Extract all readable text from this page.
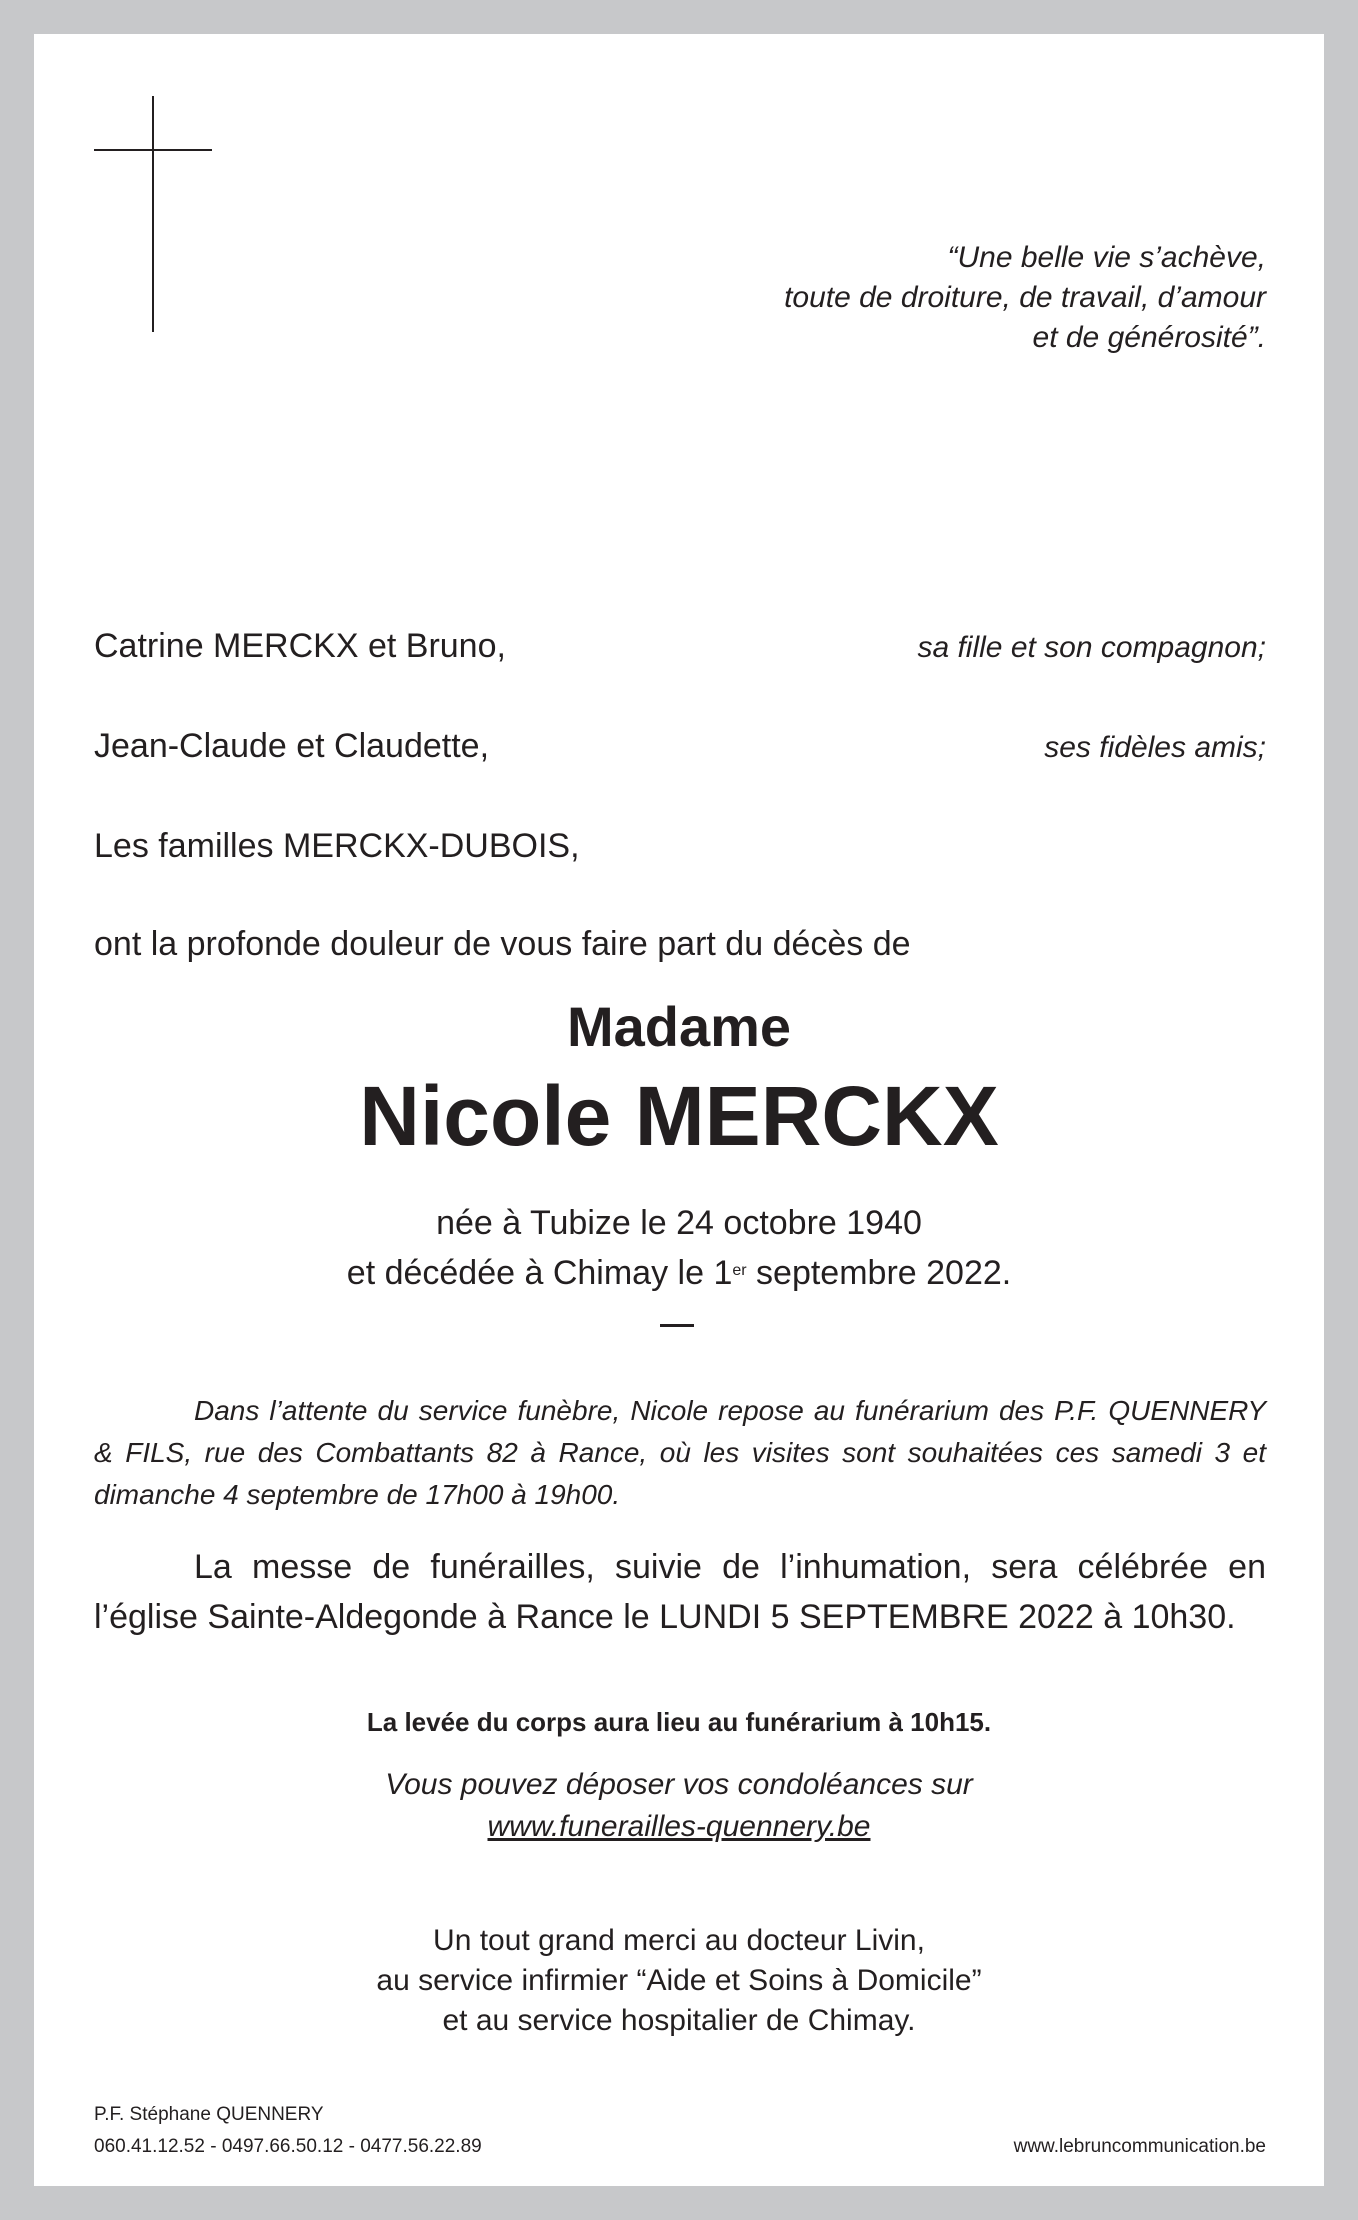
“Une belle vie s’achève,
toute de droiture, de travail, d’amour
et de générosité”.
Catrine MERCKX et Bruno,	sa fille et son compagnon;
Jean-Claude et Claudette,	ses fidèles amis;
Les familles MERCKX-DUBOIS,
ont la profonde douleur de vous faire part du décès de
Madame
Nicole MERCKX
née à Tubize le 24 octobre 1940
et décédée à Chimay le 1er septembre 2022.
Dans l’attente du service funèbre, Nicole repose au funérarium des P.F. QUENNERY & FILS, rue des Combattants 82 à Rance, où les visites sont souhaitées ces samedi 3 et dimanche 4 septembre de 17h00 à 19h00.
La messe de funérailles, suivie de l’inhumation, sera célébrée en l’église Sainte-Aldegonde à Rance le LUNDI 5 SEPTEMBRE 2022 à 10h30.
La levée du corps aura lieu au funérarium à 10h15.
Vous pouvez déposer vos condoléances sur
www.funerailles-quennery.be
Un tout grand merci au docteur Livin,
au service infirmier “Aide et Soins à Domicile”
et au service hospitalier de Chimay.
P.F. Stéphane QUENNERY
060.41.12.52 - 0497.66.50.12 - 0477.56.22.89	www.lebruncommunication.be
